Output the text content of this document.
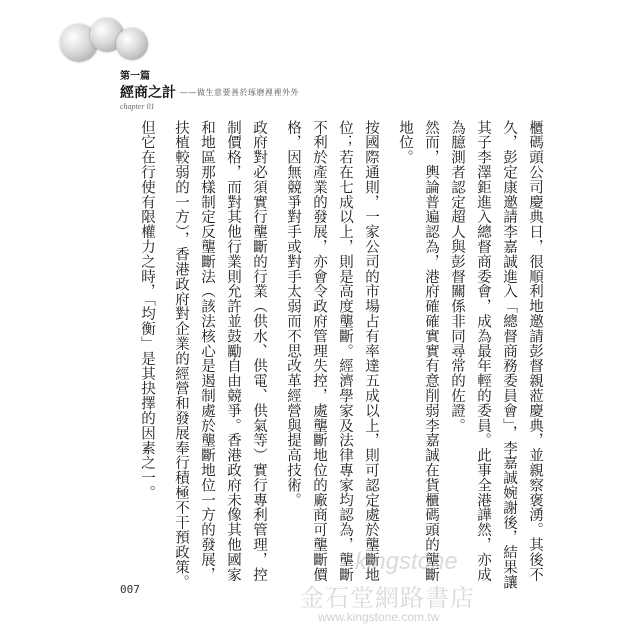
第一篇
經商之計 ——做生意要善於琢磨裡裡外外
chapter 01

櫃碼頭公司慶典日，很順利地邀請彭督親蒞慶典，並親察褒湧。其後不久，彭定康邀請李嘉誠進入「總督商務委員會」，李嘉誠婉謝後，結果讓其子李澤鉅進入總督商委會，成為最年輕的委員。此事全港譁然，亦成為臆測者認定超人與彭督關係非同尋常的佐證。

然而，輿論普遍認為，港府確確實實有意削弱李嘉誠在貨櫃碼頭的壟斷地位。

按國際通則，一家公司的市場占有率達五成以上，則可認定處於壟斷地位；若在七成以上，則是高度壟斷。經濟學家及法律專家均認為，壟斷不利於產業的發展，亦會令政府管理失控，處壟斷地位的廠商可壟斷價格，因無競爭對手或對手太弱而不思改革經營與提高技術。

政府對必須實行壟斷的行業（供水、供電、供氣等）實行專利管理，控制價格，而對其他行業則允許並鼓勵自由競爭。香港政府未像其他國家和地區那樣制定反壟斷法（該法核心是遏制處於壟斷地位一方的發展，扶植較弱的一方），香港政府對企業的經營和發展奉行積極不干預政策。

但它在行使有限權力之時，「均衡」是其抉擇的因素之一。

007
kingstone
金石堂網路書店
www.kingstone.com.tw
